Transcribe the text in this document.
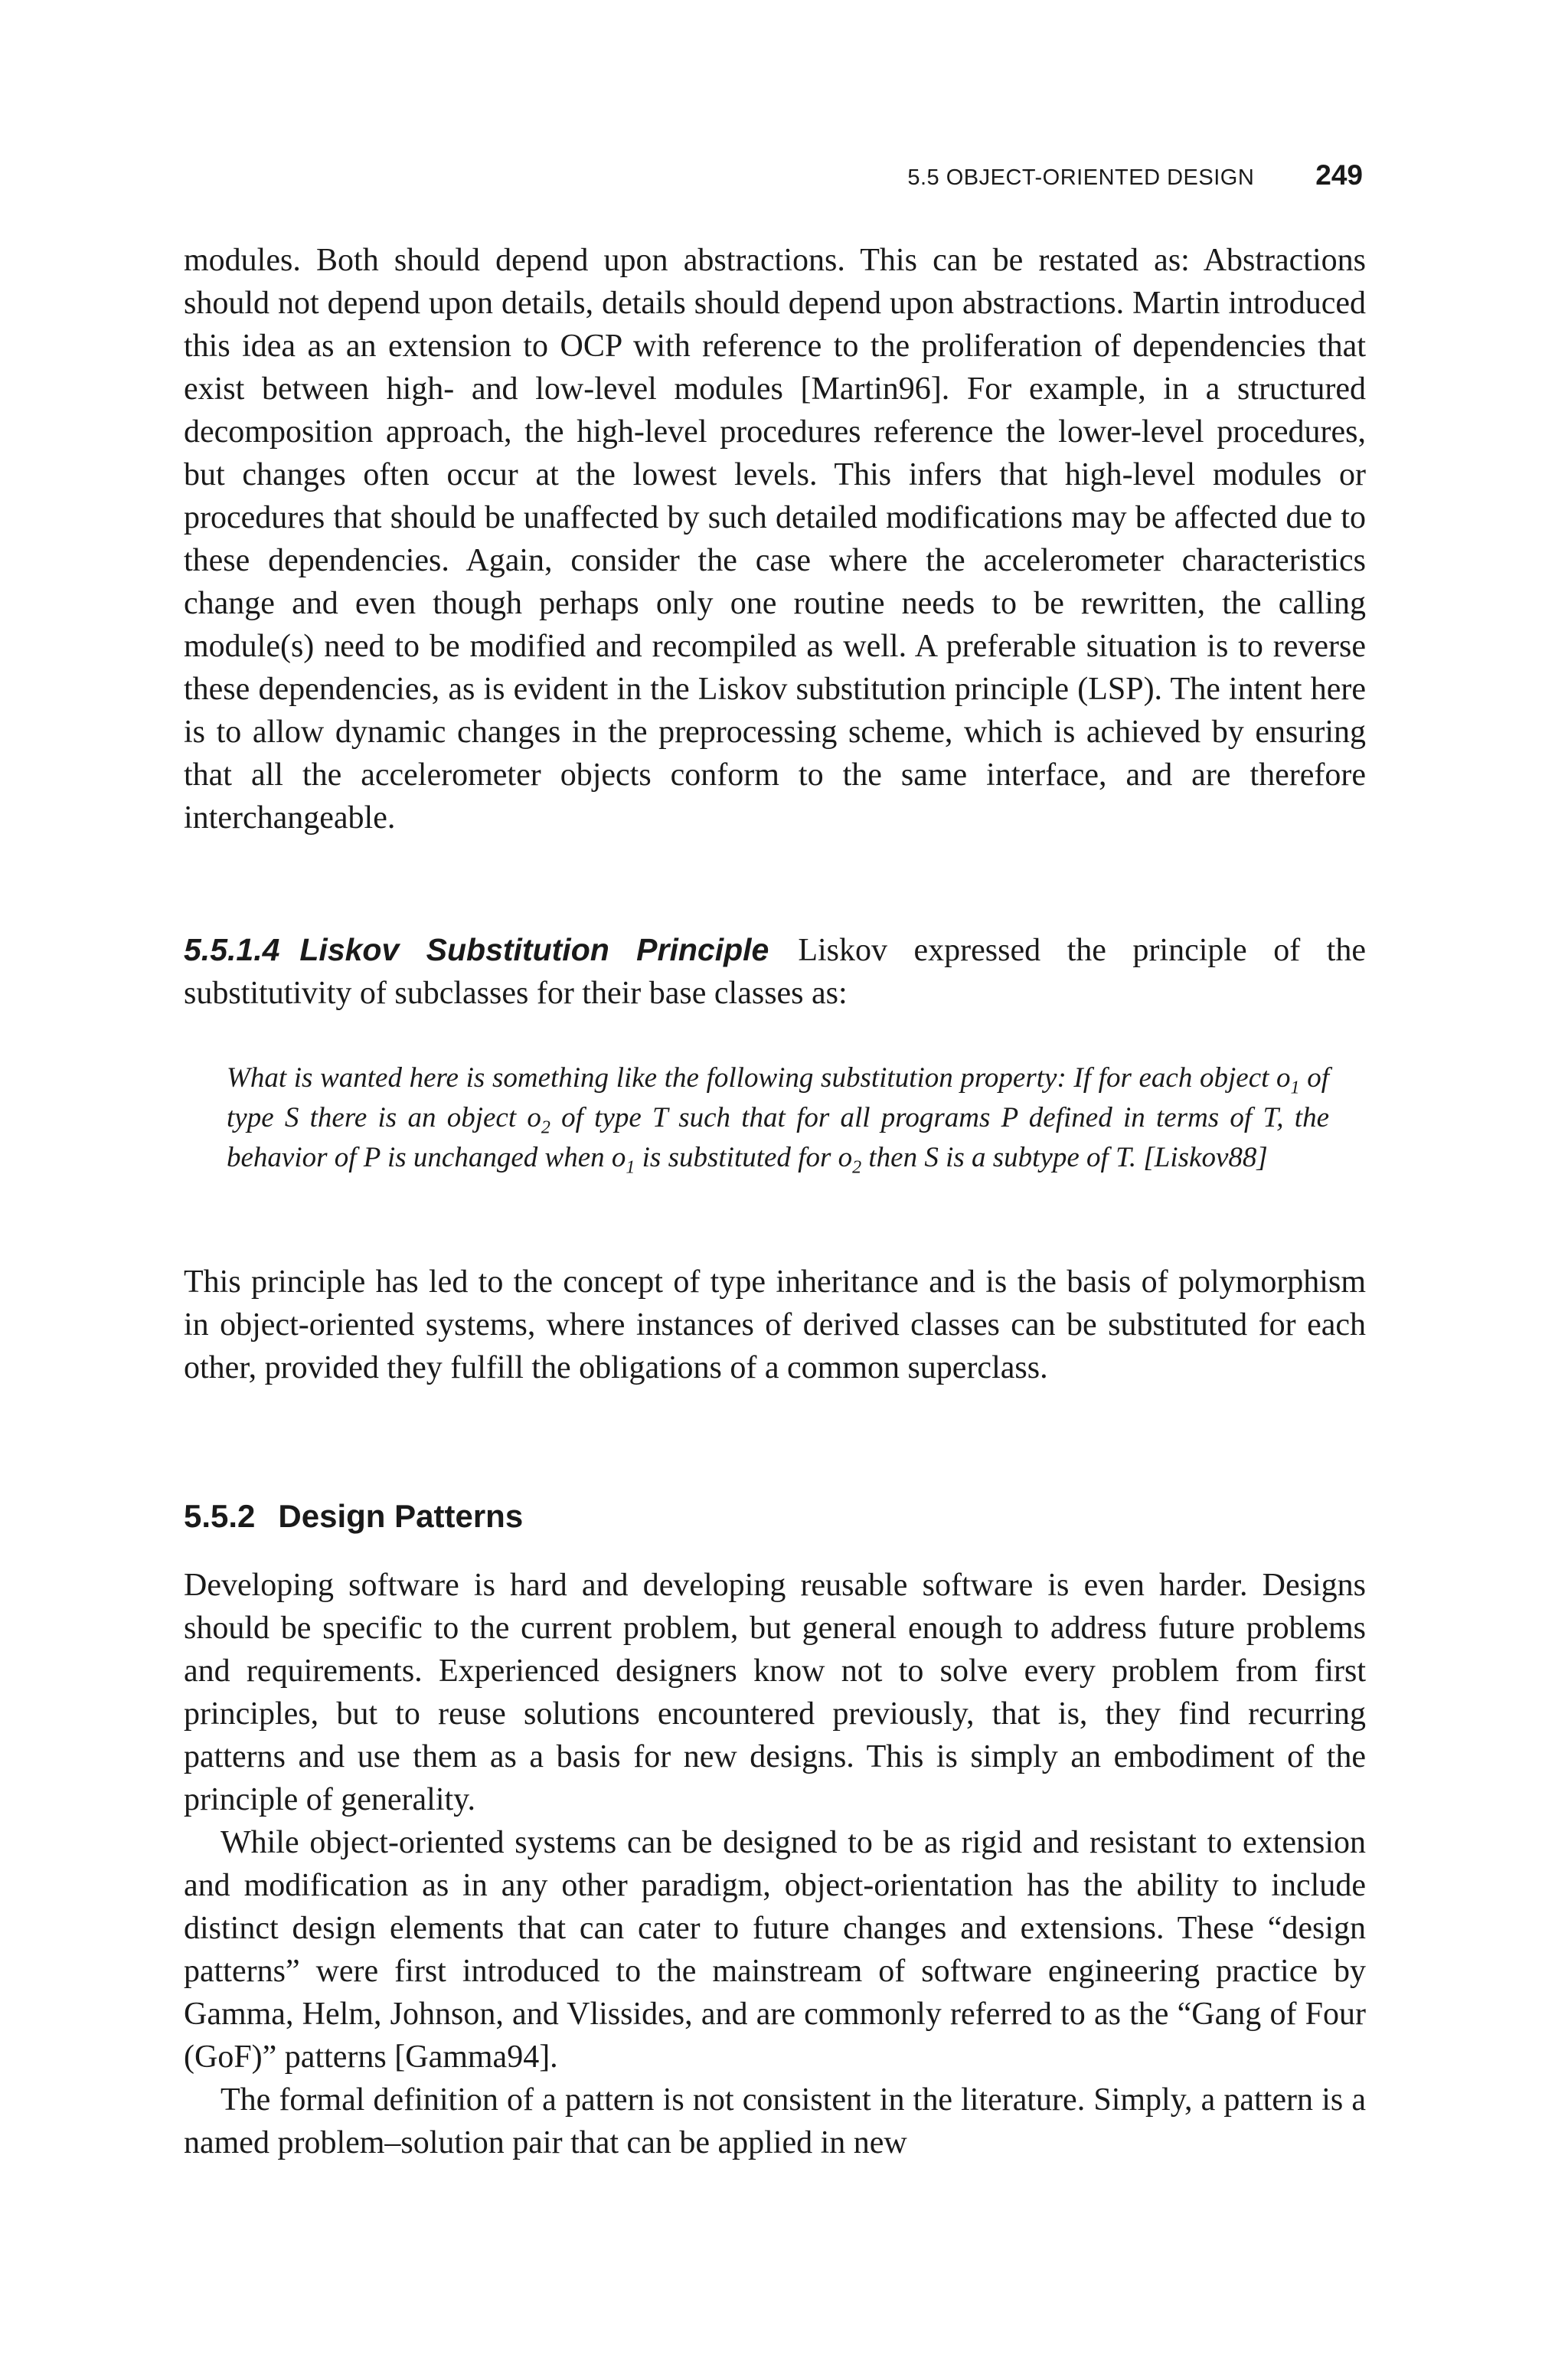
5.5 OBJECT-ORIENTED DESIGN 249

modules. Both should depend upon abstractions. This can be restated as: Abstractions should not depend upon details, details should depend upon abstractions. Martin introduced this idea as an extension to OCP with reference to the proliferation of dependencies that exist between high- and low-level modules [Martin96]. For example, in a structured decomposition approach, the high-level procedures reference the lower-level procedures, but changes often occur at the lowest levels. This infers that high-level modules or procedures that should be unaffected by such detailed modifications may be affected due to these dependencies. Again, consider the case where the accelerometer characteristics change and even though perhaps only one routine needs to be rewritten, the calling module(s) need to be modified and recompiled as well. A preferable situation is to reverse these dependencies, as is evident in the Liskov substitution principle (LSP). The intent here is to allow dynamic changes in the preprocessing scheme, which is achieved by ensuring that all the accelerometer objects conform to the same interface, and are therefore interchangeable.

5.5.1.4 Liskov Substitution Principle Liskov expressed the principle of the substitutivity of subclasses for their base classes as:

What is wanted here is something like the following substitution property: If for each object $o_1$ of type S there is an object $o_2$ of type T such that for all programs P defined in terms of T, the behavior of P is unchanged when $o_1$ is substituted for $o_2$ then S is a subtype of T. [Liskov88]

This principle has led to the concept of type inheritance and is the basis of polymorphism in object-oriented systems, where instances of derived classes can be substituted for each other, provided they fulfill the obligations of a common superclass.

5.5.2 Design Patterns

Developing software is hard and developing reusable software is even harder. Designs should be specific to the current problem, but general enough to address future problems and requirements. Experienced designers know not to solve every problem from first principles, but to reuse solutions encountered previously, that is, they find recurring patterns and use them as a basis for new designs. This is simply an embodiment of the principle of generality.

While object-oriented systems can be designed to be as rigid and resistant to extension and modification as in any other paradigm, object-orientation has the ability to include distinct design elements that can cater to future changes and extensions. These “design patterns” were first introduced to the mainstream of software engineering practice by Gamma, Helm, Johnson, and Vlissides, and are commonly referred to as the “Gang of Four (GoF)” patterns [Gamma94].

The formal definition of a pattern is not consistent in the literature. Simply, a pattern is a named problem–solution pair that can be applied in new
